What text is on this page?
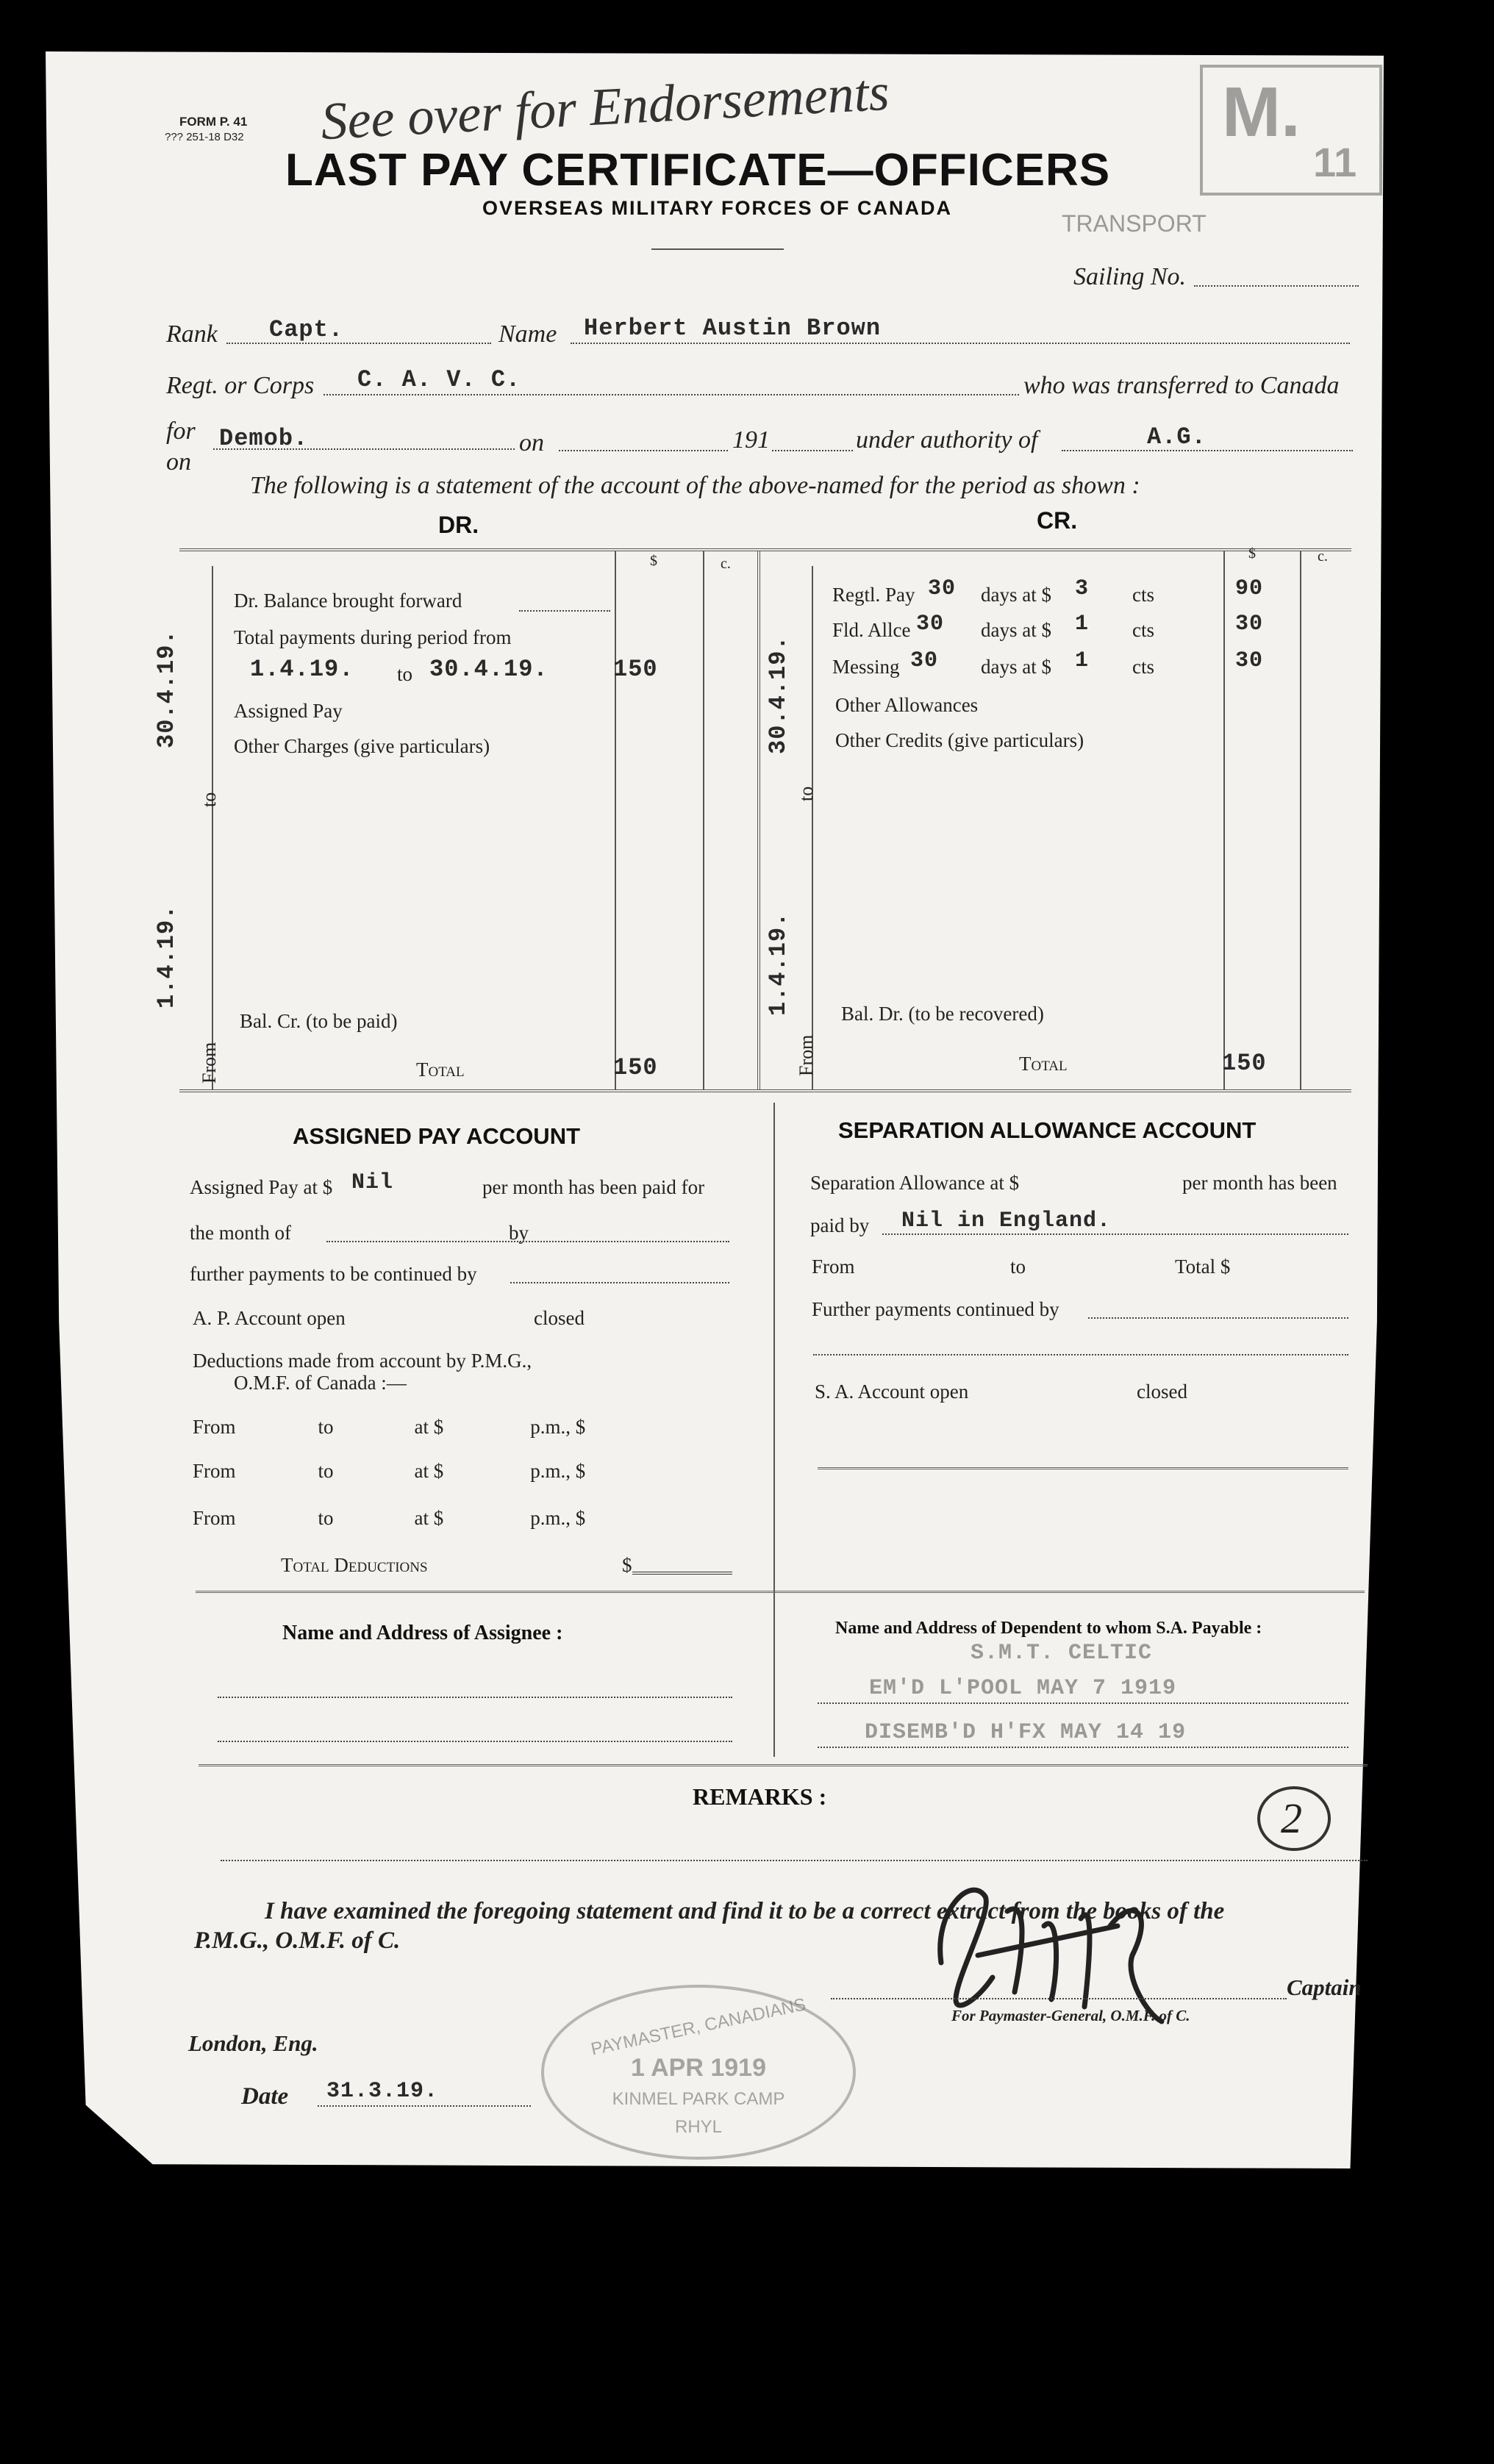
FORM P. 41
??? 251-18 D32 See over for Endorsements	M.
11
TRANSPORT
LAST PAY CERTIFICATE—OFFICERS
OVERSEAS MILITARY FORCES OF CANADA
Sailing No.
Rank Capt.	Name Herbert Austin Brown
Regt. or Corps C. A. V. C.	who was transferred to Canada
for
on
Demob.	on	191	under authority of	A.G.
The following is a statement of the account of the above-named for the period as shown :
DR.	CR.
$	c.
$	c.
From
1.4.19.
to
30.4.19.
Dr. Balance brought forward
Total payments during period from
1.4.19. to 30.4.19.	150
Assigned Pay
Other Charges (give particulars)
Bal. Cr. (to be paid)
Total	150	From
1.4.19.
to
30.4.19.
Regtl. Pay 30 days at $ 3 cts	90
Fld. Allce 30 days at $ 1 cts	30
Messing 30 days at $ 1 cts	30
Other Allowances
Other Credits (give particulars)
Bal. Dr. (to be recovered)
Total	150
ASSIGNED PAY ACCOUNT
Assigned Pay at $ Nil	per month has been paid for
the month of	by
further payments to be continued by
A. P. Account open	closed
Deductions made from account by P.M.G.,
O.M.F. of Canada :—
From	to	at $	p.m., $
From	to	at $	p.m., $
From	to	at $	p.m., $
Total Deductions	$
SEPARATION ALLOWANCE ACCOUNT
Separation Allowance at $	per month has been
paid by Nil in England.
From	to	Total $
Further payments continued by
S. A. Account open	closed
Name and Address of Assignee :	Name and Address of Dependent to whom S.A. Payable :
S.M.T. CELTIC
EM'D L'POOL MAY 7 1919
DISEMB'D H'FX MAY 14 19
REMARKS :	2
I have examined the foregoing statement and find it to be a correct extract from the books of the
P.M.G., O.M.F. of C.
Captain
For Paymaster-General, O.M.F. of C.
London, Eng.
Date 31.3.19.
PAYMASTER, CANADIANS
1 APR 1919
KINMEL PARK CAMP
RHYL
